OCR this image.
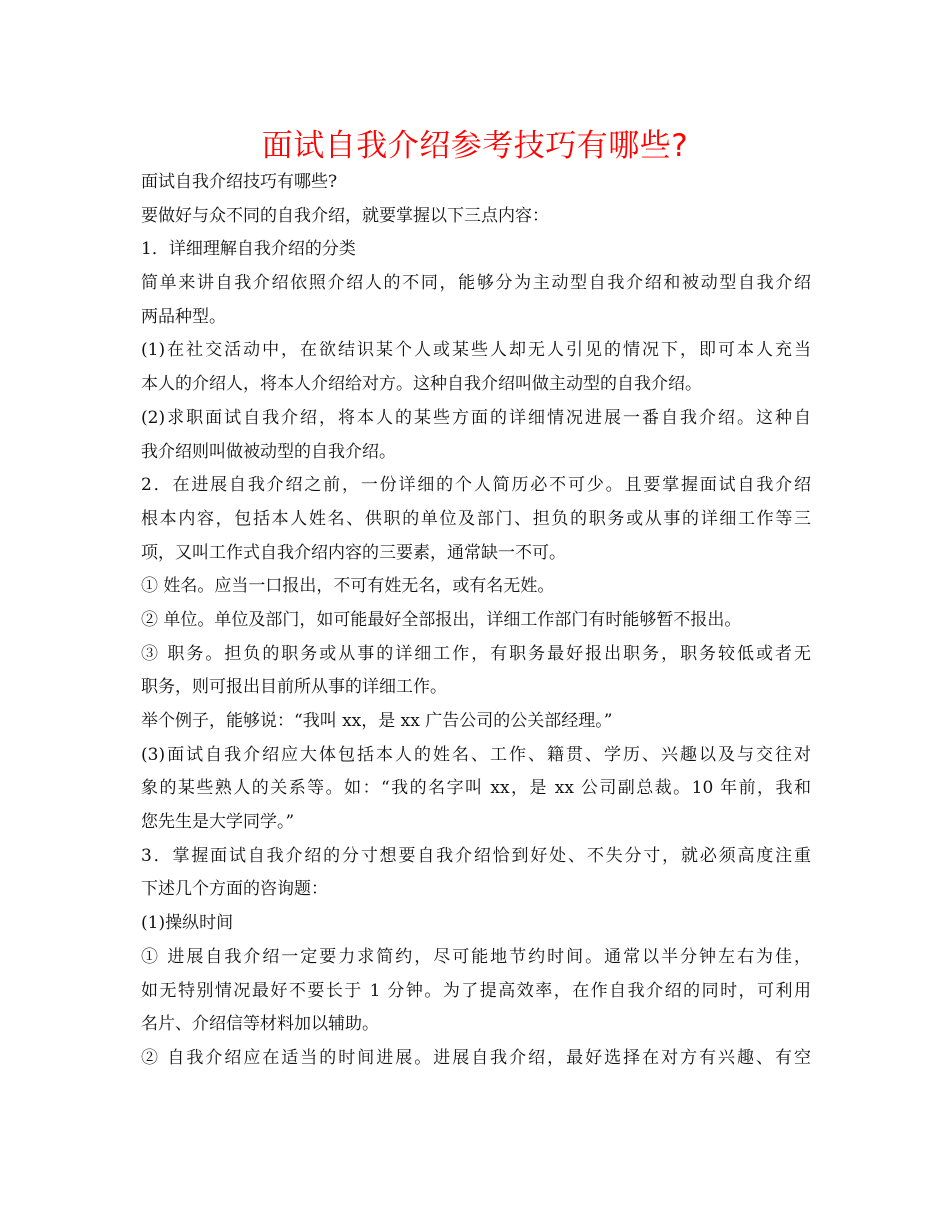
面试自我介绍参考技巧有哪些?
面试自我介绍技巧有哪些?
要做好与众不同的自我介绍，就要掌握以下三点内容：
1．详细理解自我介绍的分类
简单来讲自我介绍依照介绍人的不同，能够分为主动型自我介绍和被动型自我介绍
两品种型。
(1)在社交活动中，在欲结识某个人或某些人却无人引见的情况下，即可本人充当
本人的介绍人，将本人介绍给对方。这种自我介绍叫做主动型的自我介绍。
(2)求职面试自我介绍，将本人的某些方面的详细情况进展一番自我介绍。这种自
我介绍则叫做被动型的自我介绍。
2．在进展自我介绍之前，一份详细的个人简历必不可少。且要掌握面试自我介绍
根本内容，包括本人姓名、供职的单位及部门、担负的职务或从事的详细工作等三
项，又叫工作式自我介绍内容的三要素，通常缺一不可。
① 姓名。应当一口报出，不可有姓无名，或有名无姓。
② 单位。单位及部门，如可能最好全部报出，详细工作部门有时能够暂不报出。
③ 职务。担负的职务或从事的详细工作，有职务最好报出职务，职务较低或者无
职务，则可报出目前所从事的详细工作。
举个例子，能够说：“我叫 xx，是 xx 广告公司的公关部经理。”
(3)面试自我介绍应大体包括本人的姓名、工作、籍贯、学历、兴趣以及与交往对
象的某些熟人的关系等。如：“我的名字叫 xx，是 xx 公司副总裁。10 年前，我和
您先生是大学同学。”
3．掌握面试自我介绍的分寸想要自我介绍恰到好处、不失分寸，就必须高度注重
下述几个方面的咨询题：
(1)操纵时间
① 进展自我介绍一定要力求简约，尽可能地节约时间。通常以半分钟左右为佳，
如无特别情况最好不要长于 1 分钟。为了提高效率，在作自我介绍的同时，可利用
名片、介绍信等材料加以辅助。
② 自我介绍应在适当的时间进展。进展自我介绍，最好选择在对方有兴趣、有空
